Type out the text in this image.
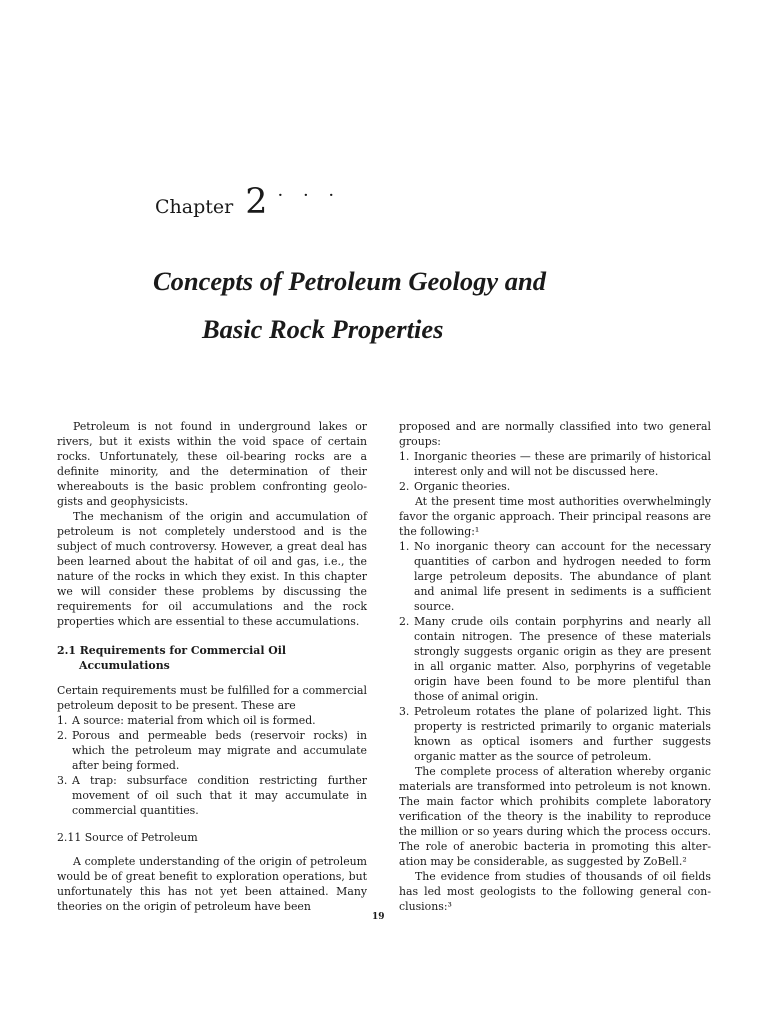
Chapter 2 · · ·
Concepts of Petroleum Geology and
Basic Rock Properties

Petroleum is not found in underground lakes or rivers, but it exists within the void space of certain rocks. Unfortunately, these oil-bearing rocks are a definite minority, and the determination of their whereabouts is the basic problem confronting geologists and geophysicists.

The mechanism of the origin and accumulation of petroleum is not completely understood and is the subject of much controversy. However, a great deal has been learned about the habitat of oil and gas, i.e., the nature of the rocks in which they exist. In this chapter we will consider these problems by discussing the requirements for oil accumulations and the rock properties which are essential to these accumulations.

2.1 Requirements for Commercial Oil Accumulations

Certain requirements must be fulfilled for a commercial petroleum deposit to be present. These are

1. A source: material from which oil is formed.
2. Porous and permeable beds (reservoir rocks) in which the petroleum may migrate and accumulate after being formed.
3. A trap: subsurface condition restricting further movement of oil such that it may accumulate in commercial quantities.
2.11 Source of Petroleum

A complete understanding of the origin of petroleum would be of great benefit to exploration operations, but unfortunately this has not yet been attained. Many theories on the origin of petroleum have been

proposed and are normally classified into two general groups:

1. Inorganic theories — these are primarily of historical interest only and will not be discussed here.
2. Organic theories.

At the present time most authorities overwhelmingly favor the organic approach. Their principal reasons are the following:¹

1. No inorganic theory can account for the necessary quantities of carbon and hydrogen needed to form large petroleum deposits. The abundance of plant and animal life present in sediments is a sufficient source.
2. Many crude oils contain porphyrins and nearly all contain nitrogen. The presence of these materials strongly suggests organic origin as they are present in all organic matter. Also, porphyrins of vegetable origin have been found to be more plentiful than those of animal origin.
3. Petroleum rotates the plane of polarized light. This property is restricted primarily to organic materials known as optical isomers and further suggests organic matter as the source of petroleum.

The complete process of alteration whereby organic materials are transformed into petroleum is not known. The main factor which prohibits complete laboratory verification of the theory is the inability to reproduce the million or so years during which the process occurs. The role of anerobic bacteria in promoting this alteration may be considerable, as suggested by ZoBell.²

The evidence from studies of thousands of oil fields has led most geologists to the following general conclusions:³

19
